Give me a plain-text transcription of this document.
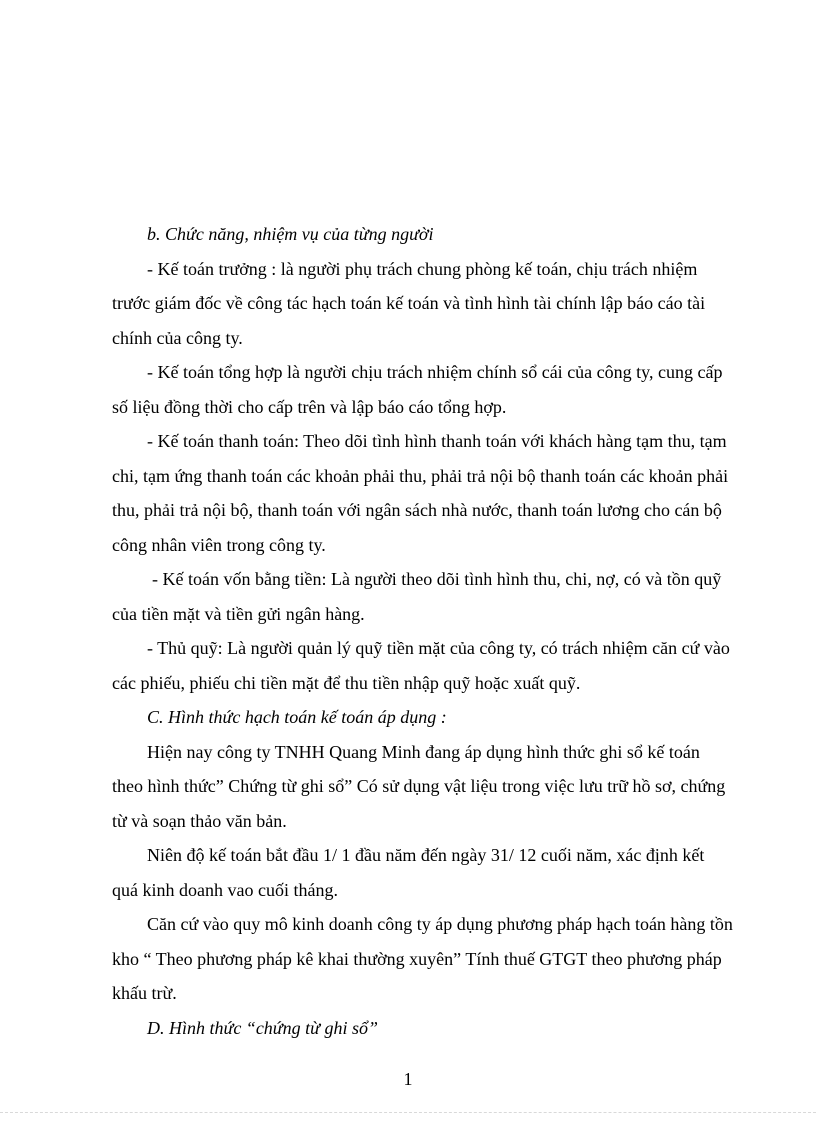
b. Chức năng, nhiệm vụ của từng người
- Kế toán trưởng : là người phụ trách chung phòng kế toán, chịu trách nhiệm
trước giám đốc về công tác hạch toán kế toán và tình hình tài chính lập báo cáo tài
chính của công ty.
- Kế toán tổng hợp là người chịu trách nhiệm chính sổ cái của công ty, cung cấp
số liệu đồng thời cho cấp trên và lập báo cáo tổng hợp.
- Kế toán thanh toán: Theo dõi tình hình thanh toán với khách hàng tạm thu, tạm
chi, tạm ứng thanh toán các khoản phải thu, phải trả nội bộ thanh toán các khoản phải
thu, phải trả nội bộ, thanh toán với ngân sách nhà nước, thanh toán lương cho cán bộ
công nhân viên trong công ty.
- Kế toán vốn bằng tiền: Là người theo dõi tình hình thu, chi, nợ, có và tồn quỹ
của tiền mặt và tiền gửi ngân hàng.
- Thủ quỹ: Là người quản lý quỹ tiền mặt của công ty, có trách nhiệm căn cứ vào
các phiếu, phiếu chi tiền mặt để thu tiền nhập quỹ hoặc xuất quỹ.
C. Hình thức hạch toán kế toán áp dụng :
Hiện nay công ty TNHH Quang Minh đang áp dụng hình thức ghi sổ kế toán
theo hình thức” Chứng từ ghi sổ” Có sử dụng vật liệu trong việc lưu trữ hồ sơ, chứng
từ và soạn thảo văn bản.
Niên độ kế toán bắt đầu 1/ 1 đầu năm đến ngày 31/ 12 cuối năm, xác định kết
quá kinh doanh vao cuối tháng.
Căn cứ vào quy mô kinh doanh công ty áp dụng phương pháp hạch toán hàng tồn
kho “ Theo phương pháp kê khai thường xuyên” Tính thuế GTGT theo phương pháp
khấu trừ.
D. Hình thức “chứng từ ghi sổ”
1
